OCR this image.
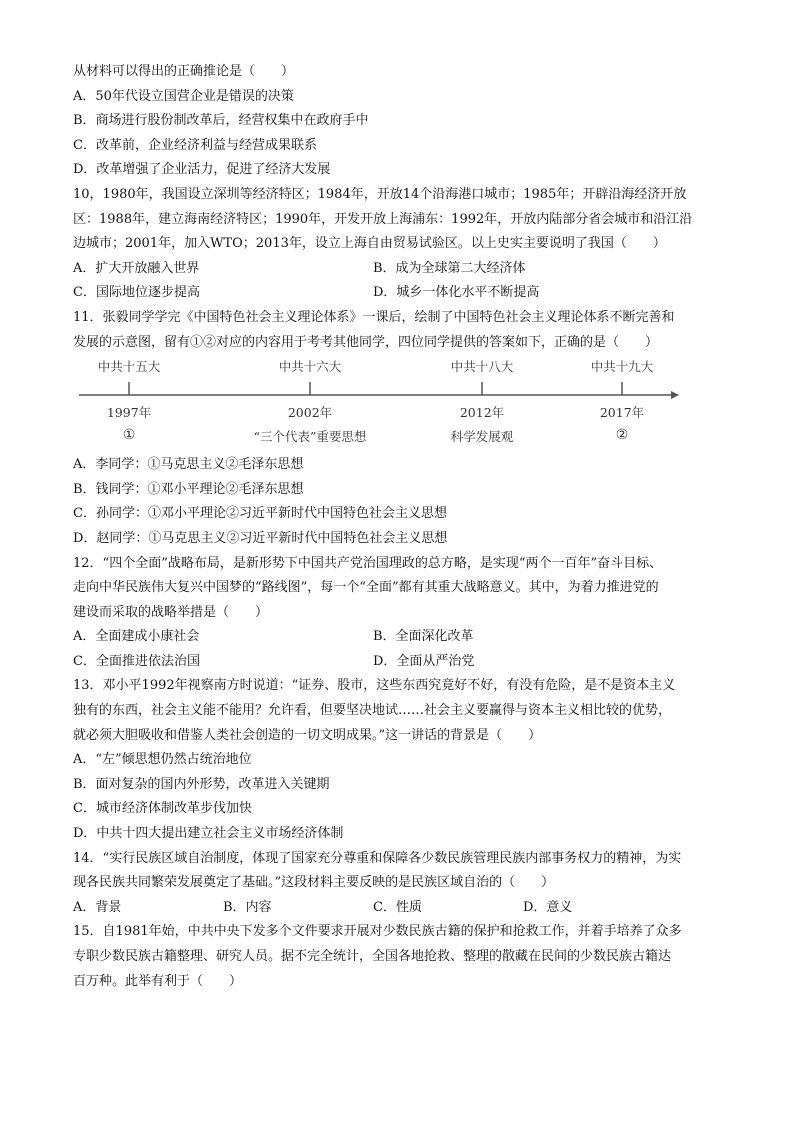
从材料可以得出的正确推论是（　　）
A．50年代设立国营企业是错误的决策
B．商场进行股份制改革后，经营权集中在政府手中
C．改革前，企业经济利益与经营成果联系
D．改革增强了企业活力，促进了经济大发展
10，1980年，我国设立深圳等经济特区；1984年，开放14个沿海港口城市；1985年；开辟沿海经济开放
区：1988年，建立海南经济特区；1990年，开发开放上海浦东：1992年，开放内陆部分省会城市和沿江沿
边城市；2001年，加入WTO；2013年，设立上海自由贸易试验区。以上史实主要说明了我国（　　）
A．扩大开放融入世界	B．成为全球第二大经济体
C．国际地位逐步提高	D．城乡一体化水平不断提高
11．张毅同学学完《中国特色社会主义理论体系》一课后，绘制了中国特色社会主义理论体系不断完善和
发展的示意图，留有①②对应的内容用于考考其他同学，四位同学提供的答案如下，正确的是（　　）
中共十五大	中共十六大	中共十八大	中共十九大
1997年	2002年	2012年	2017年
①	“三个代表”重要思想	科学发展观	②
A．李同学：①马克思主义②毛泽东思想
B．钱同学：①邓小平理论②毛泽东思想
C．孙同学：①邓小平理论②习近平新时代中国特色社会主义思想
D．赵同学：①马克思主义②习近平新时代中国特色社会主义思想
12．“四个全面”战略布局，是新形势下中国共产党治国理政的总方略，是实现“两个一百年”奋斗目标、
走向中华民族伟大复兴中国梦的“路线图”，每一个“全面”都有其重大战略意义。其中，为着力推进党的
建设而采取的战略举措是（　　）
A．全面建成小康社会	B．全面深化改革
C．全面推进依法治国	D．全面从严治党
13．邓小平1992年视察南方时说道：“证券、股市，这些东西究竟好不好，有没有危险，是不是资本主义
独有的东西，社会主义能不能用？允许看，但要坚决地试……社会主义要赢得与资本主义相比较的优势，
就必须大胆吸收和借鉴人类社会创造的一切文明成果。”这一讲话的背景是（　　）
A．“左”倾思想仍然占统治地位
B．面对复杂的国内外形势，改革进入关键期
C．城市经济体制改革步伐加快
D．中共十四大提出建立社会主义市场经济体制
14．“实行民族区域自治制度，体现了国家充分尊重和保障各少数民族管理民族内部事务权力的精神，为实
现各民族共同繁荣发展奠定了基础。”这段材料主要反映的是民族区域自治的（　　）
A．背景	B．内容	C．性质	D．意义
15．自1981年始，中共中央下发多个文件要求开展对少数民族古籍的保护和抢救工作，并着手培养了众多
专职少数民族古籍整理、研究人员。据不完全统计，全国各地抢救、整理的散藏在民间的少数民族古籍达
百万种。此举有利于（　　）
